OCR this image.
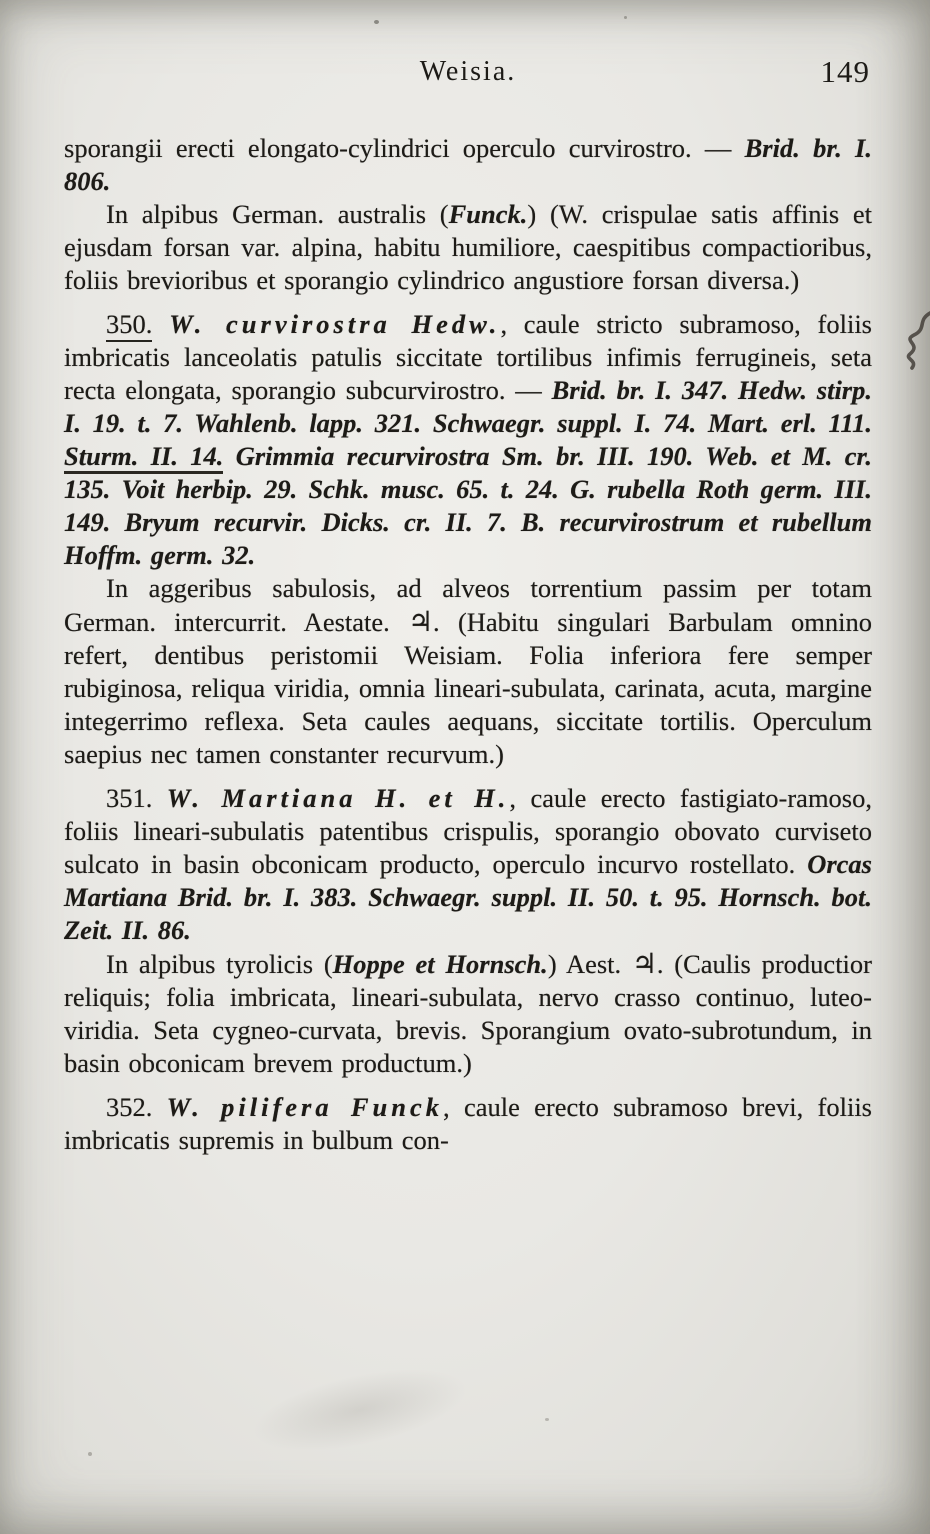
Weisia.	149

sporangii erecti elongato-cylindrici operculo curvirostro. — Brid. br. I. 806.

In alpibus German. australis (Funck.) (W. crispulae satis affinis et ejusdam forsan var. alpina, habitu humiliore, caespitibus compactioribus, foliis brevioribus et sporangio cylindrico angustiore forsan diversa.)

350. W. curvirostra Hedw., caule stricto subramoso, foliis imbricatis lanceolatis patulis siccitate tortilibus infimis ferrugineis, seta recta elongata, sporangio subcurvirostro. — Brid. br. I. 347. Hedw. stirp. I. 19. t. 7. Wahlenb. lapp. 321. Schwaegr. suppl. I. 74. Mart. erl. 111. Sturm. II. 14. Grimmia recurvirostra Sm. br. III. 190. Web. et M. cr. 135. Voit herbip. 29. Schk. musc. 65. t. 24. G. rubella Roth germ. III. 149. Bryum recurvir. Dicks. cr. II. 7. B. recurvirostrum et rubellum Hoffm. germ. 32.

In aggeribus sabulosis, ad alveos torrentium passim per totam German. intercurrit. Aestate. ♃. (Habitu singulari Barbulam omnino refert, dentibus peristomii Weisiam. Folia inferiora fere semper rubiginosa, reliqua viridia, omnia lineari-subulata, carinata, acuta, margine integerrimo reflexa. Seta caules aequans, siccitate tortilis. Operculum saepius nec tamen constanter recurvum.)

351. W. Martiana H. et H., caule erecto fastigiato-ramoso, foliis lineari-subulatis patentibus crispulis, sporangio obovato curviseto sulcato in basin obconicam producto, operculo incurvo rostellato. Orcas Martiana Brid. br. I. 383. Schwaegr. suppl. II. 50. t. 95. Hornsch. bot. Zeit. II. 86.

In alpibus tyrolicis (Hoppe et Hornsch.) Aest. ♃. (Caulis productior reliquis; folia imbricata, lineari-subulata, nervo crasso continuo, luteo-viridia. Seta cygneo-curvata, brevis. Sporangium ovato-subrotundum, in basin obconicam brevem productum.)

352. W. pilifera Funck, caule erecto subramoso brevi, foliis imbricatis supremis in bulbum con-
